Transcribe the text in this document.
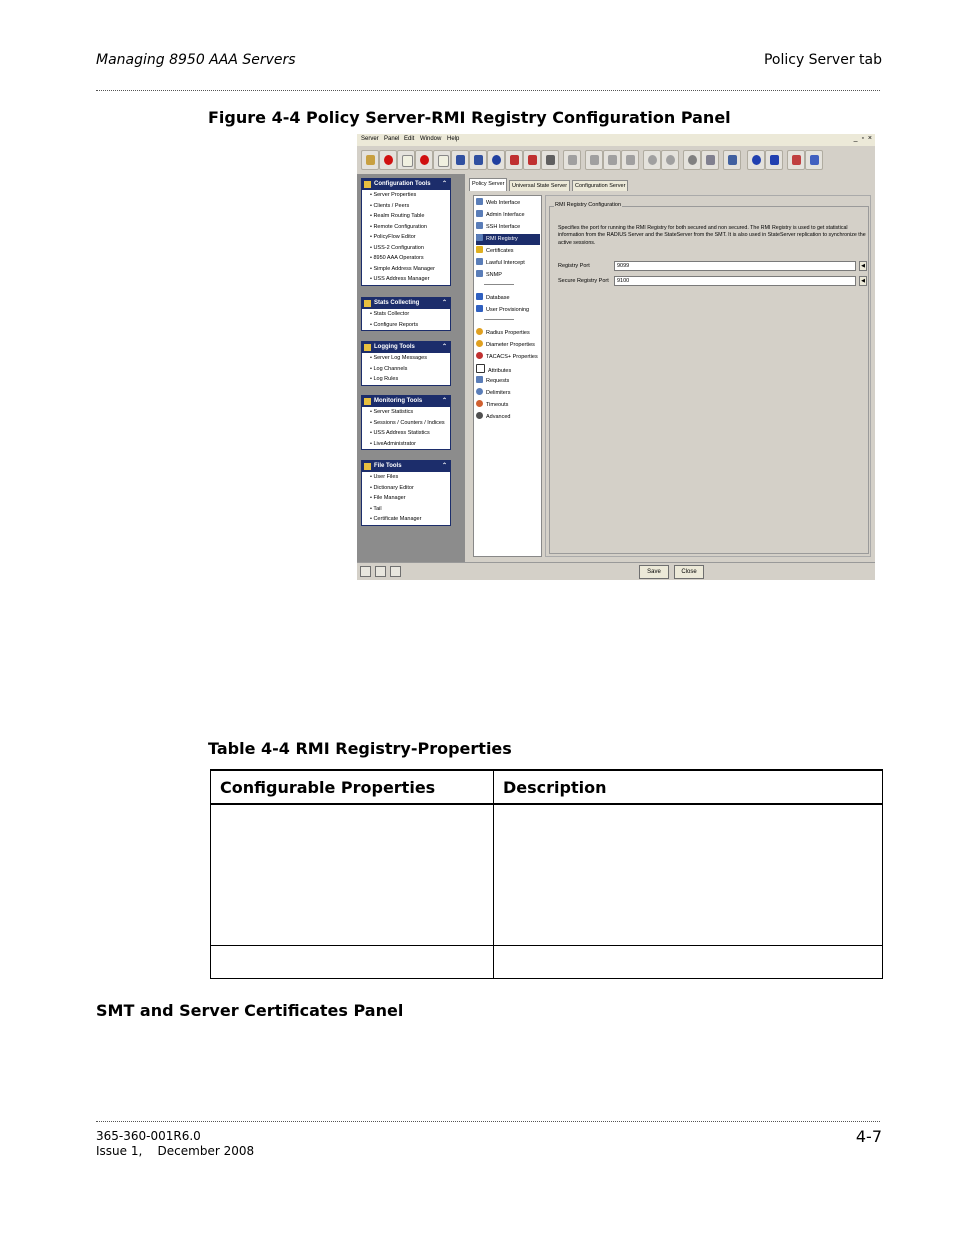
Managing 8950 AAA Servers	Policy Server tab
Figure 4-4 Policy Server-RMI Registry Configuration Panel
Server Panel Edit Window Help	_ ▫ ×
Configuration Tools ⌃
• Server Properties
• Clients / Peers
• Realm Routing Table
• Remote Configuration
• PolicyFlow Editor
• USS-2 Configuration
• 8950 AAA Operators
• Simple Address Manager
• USS Address Manager
Stats Collecting	⌃
• Stats Collector
• Configure Reports
Logging Tools	⌃
• Server Log Messages
• Log Channels
• Log Rules
Monitoring Tools	⌃
• Server Statistics
• Sessions / Counters / Indices
• USS Address Statistics
• LiveAdministrator
File Tools	⌃
• User Files
• Dictionary Editor
• File Manager
• Tail
• Certificate Manager
Policy Server	Universal State Server	Configuration Server
Web Interface
Admin Interface
SSH Interface
RMI Registry
Certificates
Lawful Intercept
SNMP
Database
User Provisioning
Radius Properties
Diameter Properties
TACACS+ Properties
Attributes
Requests
Delimiters
Timeouts
Advanced
RMI Registry Configuration
Specifies the port for running the RMI Registry for both secured and non secured. The RMI Registry is used to get statistical information from the RADIUS Server and the StateServer from the SMT. It is also used in StateServer replication to synchronize the active sessions.
Registry Port	9099	◀
Secure Registry Port	9100	◀
Save	Close
Table 4-4 RMI Registry-Properties
Configurable Properties	Description

SMT and Server Certificates Panel
365-360-001R6.0
Issue 1,    December 2008
4-7
